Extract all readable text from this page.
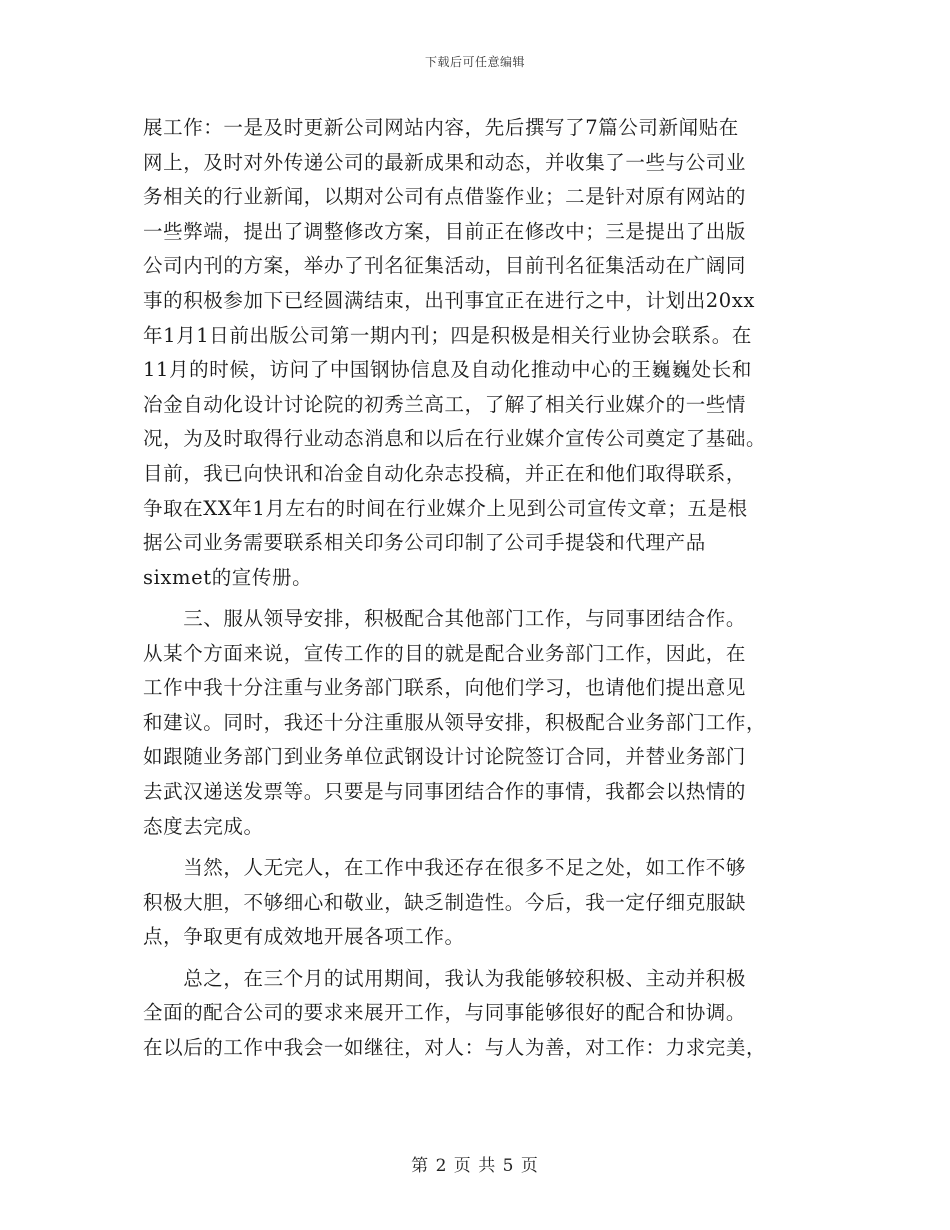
下载后可任意编辑
展工作：一是及时更新公司网站内容，先后撰写了7篇公司新闻贴在
网上，及时对外传递公司的最新成果和动态，并收集了一些与公司业
务相关的行业新闻，以期对公司有点借鉴作业；二是针对原有网站的
一些弊端，提出了调整修改方案，目前正在修改中；三是提出了出版
公司内刊的方案，举办了刊名征集活动，目前刊名征集活动在广阔同
事的积极参加下已经圆满结束，出刊事宜正在进行之中，计划出20xx
年1月1日前出版公司第一期内刊；四是积极是相关行业协会联系。在
11月的时候，访问了中国钢协信息及自动化推动中心的王巍巍处长和
冶金自动化设计讨论院的初秀兰高工，了解了相关行业媒介的一些情
况，为及时取得行业动态消息和以后在行业媒介宣传公司奠定了基础。
目前，我已向快讯和冶金自动化杂志投稿，并正在和他们取得联系，
争取在XX年1月左右的时间在行业媒介上见到公司宣传文章；五是根
据公司业务需要联系相关印务公司印制了公司手提袋和代理产品
sixmet的宣传册。
　　三、服从领导安排，积极配合其他部门工作，与同事团结合作。
从某个方面来说，宣传工作的目的就是配合业务部门工作，因此，在
工作中我十分注重与业务部门联系，向他们学习，也请他们提出意见
和建议。同时，我还十分注重服从领导安排，积极配合业务部门工作，
如跟随业务部门到业务单位武钢设计讨论院签订合同，并替业务部门
去武汉递送发票等。只要是与同事团结合作的事情，我都会以热情的
态度去完成。
　　当然，人无完人，在工作中我还存在很多不足之处，如工作不够
积极大胆，不够细心和敬业，缺乏制造性。今后，我一定仔细克服缺
点，争取更有成效地开展各项工作。
　　总之，在三个月的试用期间，我认为我能够较积极、主动并积极
全面的配合公司的要求来展开工作，与同事能够很好的配合和协调。
在以后的工作中我会一如继往，对人：与人为善，对工作：力求完美，
第 2 页 共 5 页
